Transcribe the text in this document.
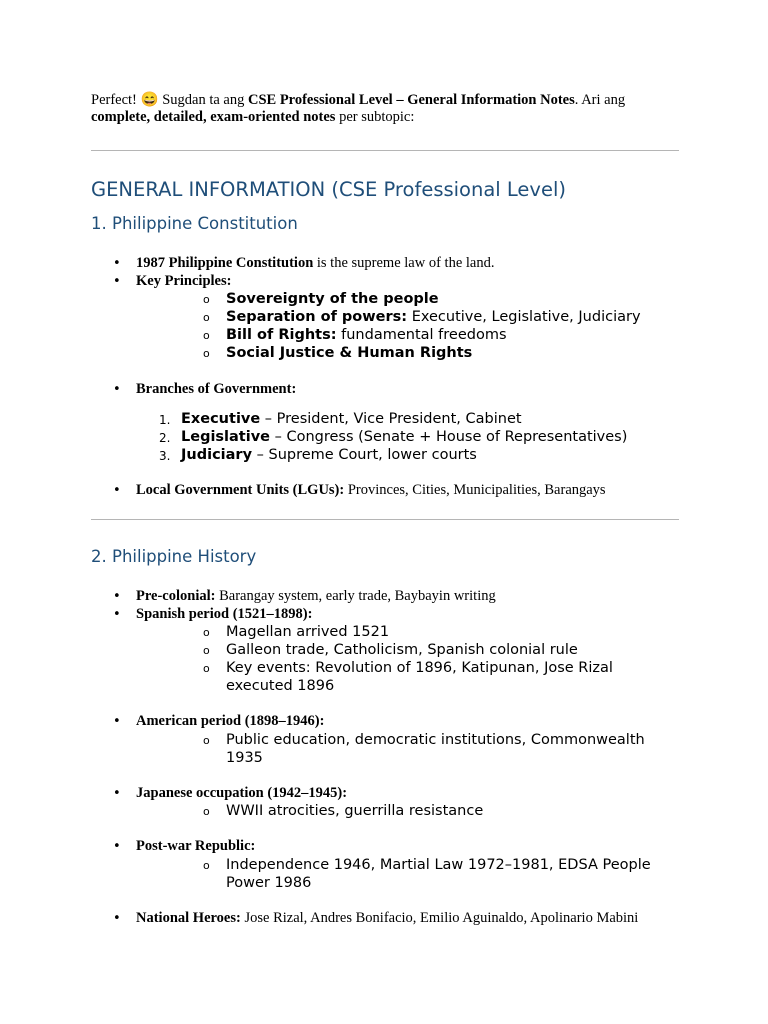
Perfect! 😄 Sugdan ta ang CSE Professional Level – General Information Notes. Ari ang complete, detailed, exam-oriented notes per subtopic:

GENERAL INFORMATION (CSE Professional Level)
1. Philippine Constitution
• 1987 Philippine Constitution is the supreme law of the land.
• Key Principles:
o Sovereignty of the people
o Separation of powers: Executive, Legislative, Judiciary
o Bill of Rights: fundamental freedoms
o Social Justice & Human Rights
• Branches of Government:
1. Executive – President, Vice President, Cabinet
2. Legislative – Congress (Senate + House of Representatives)
3. Judiciary – Supreme Court, lower courts
• Local Government Units (LGUs): Provinces, Cities, Municipalities, Barangays
2. Philippine History
• Pre-colonial: Barangay system, early trade, Baybayin writing
• Spanish period (1521–1898):
o Magellan arrived 1521
o Galleon trade, Catholicism, Spanish colonial rule
o Key events: Revolution of 1896, Katipunan, Jose Rizal executed 1896
• American period (1898–1946):
o Public education, democratic institutions, Commonwealth 1935
• Japanese occupation (1942–1945):
o WWII atrocities, guerrilla resistance
• Post-war Republic:
o Independence 1946, Martial Law 1972–1981, EDSA People Power 1986
• National Heroes: Jose Rizal, Andres Bonifacio, Emilio Aguinaldo, Apolinario Mabini
